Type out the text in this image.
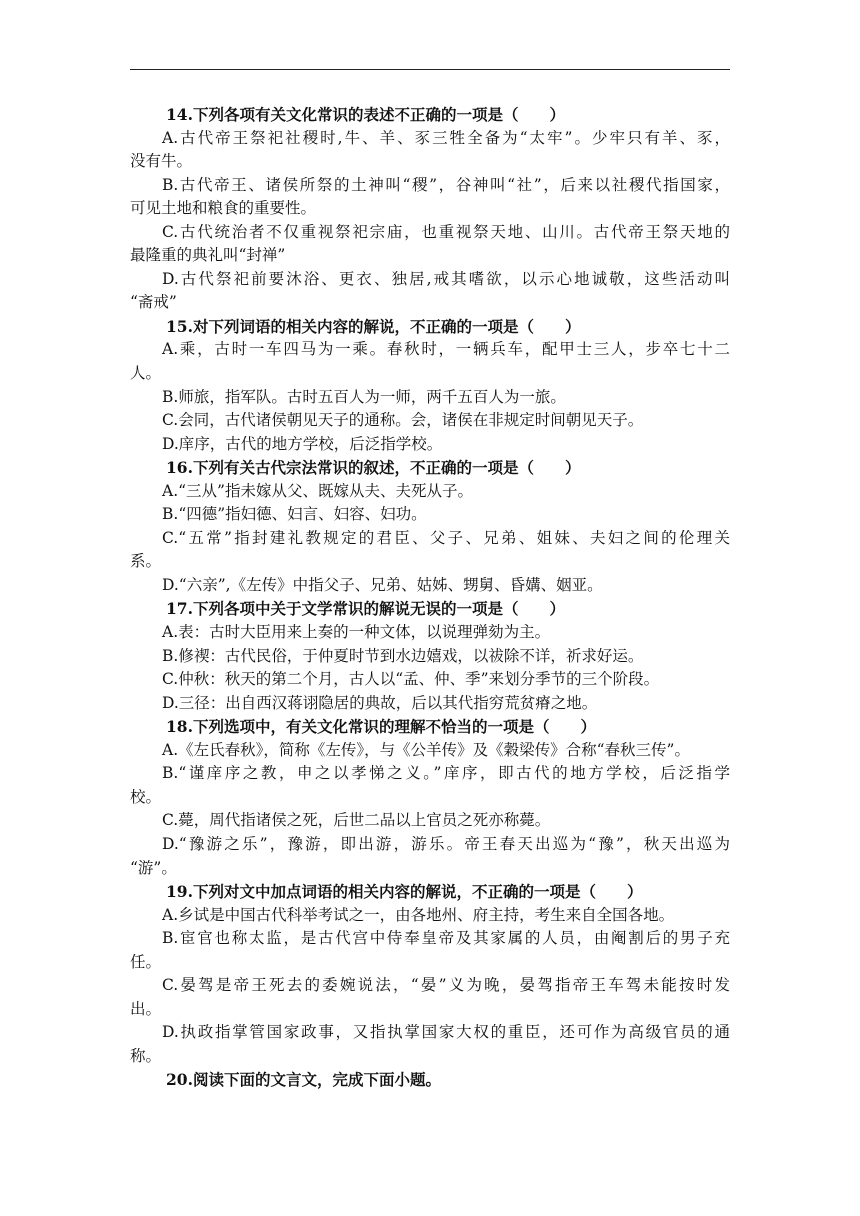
14.下列各项有关文化常识的表述不正确的一项是（　　）
A.古代帝王祭祀社稷时,牛、羊、豕三牲全备为“太牢”。少牢只有羊、豕，
没有牛。
B.古代帝王、诸侯所祭的土神叫“稷”，谷神叫“社”，后来以社稷代指国家，
可见土地和粮食的重要性。
C.古代统治者不仅重视祭祀宗庙，也重视祭天地、山川。古代帝王祭天地的
最隆重的典礼叫“封禅”
D.古代祭祀前要沐浴、更衣、独居,戒其嗜欲，以示心地诚敬，这些活动叫
“斋戒”
15.对下列词语的相关内容的解说，不正确的一项是（　　）
A.乘，古时一车四马为一乘。春秋时，一辆兵车，配甲士三人，步卒七十二
人。
B.师旅，指军队。古时五百人为一师，两千五百人为一旅。
C.会同，古代诸侯朝见天子的通称。会，诸侯在非规定时间朝见天子。
D.庠序，古代的地方学校，后泛指学校。
16.下列有关古代宗法常识的叙述，不正确的一项是（　　）
A.“三从”指未嫁从父、既嫁从夫、夫死从子。
B.“四德”指妇德、妇言、妇容、妇功。
C.“五常”指封建礼教规定的君臣、父子、兄弟、姐妹、夫妇之间的伦理关
系。
D.“六亲”,《左传》中指父子、兄弟、姑姊、甥舅、昏媾、姻亚。
17.下列各项中关于文学常识的解说无误的一项是（　　）
A.表：古时大臣用来上奏的一种文体，以说理弹劾为主。
B.修禊：古代民俗，于仲夏时节到水边嬉戏，以祓除不详，祈求好运。
C.仲秋：秋天的第二个月，古人以“孟、仲、季”来划分季节的三个阶段。
D.三径：出自西汉蒋诩隐居的典故，后以其代指穷荒贫瘠之地。
18.下列选项中，有关文化常识的理解不恰当的一项是（　　）
A.《左氏春秋》，简称《左传》，与《公羊传》及《穀梁传》合称“春秋三传”。
B.“谨庠序之教，申之以孝悌之义。”庠序，即古代的地方学校，后泛指学
校。
C.薨，周代指诸侯之死，后世二品以上官员之死亦称薨。
D.“豫游之乐”，豫游，即出游，游乐。帝王春天出巡为“豫”，秋天出巡为
“游”。
19.下列对文中加点词语的相关内容的解说，不正确的一项是（　　）
A.乡试是中国古代科举考试之一，由各地州、府主持，考生来自全国各地。
B.宦官也称太监，是古代宫中侍奉皇帝及其家属的人员，由阉割后的男子充
任。
C.晏驾是帝王死去的委婉说法，“晏”义为晚，晏驾指帝王车驾未能按时发
出。
D.执政指掌管国家政事，又指执掌国家大权的重臣，还可作为高级官员的通
称。
20.阅读下面的文言文，完成下面小题。
